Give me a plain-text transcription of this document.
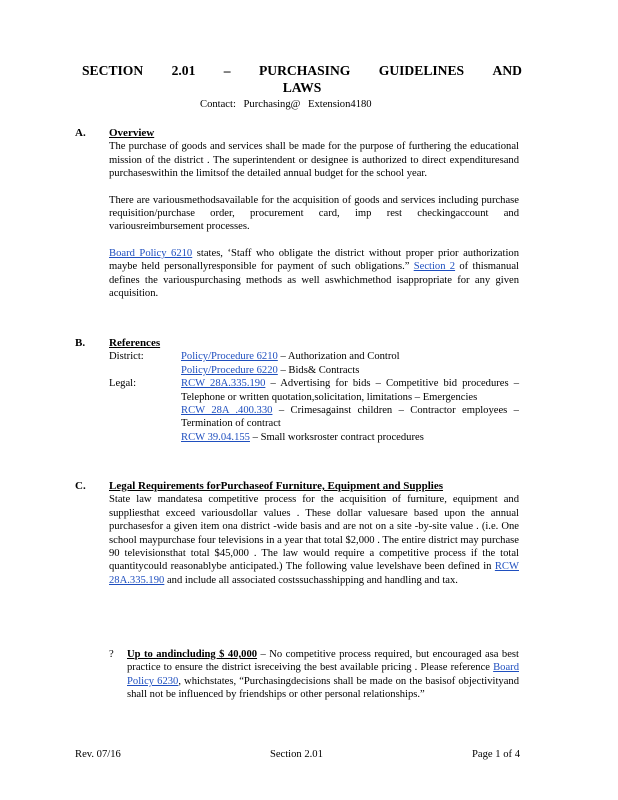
SECTION 2.01 – PURCHASING GUIDELINES AND
LAWS
Contact: Purchasing@ Extension4180
A. Overview

The purchase of goods and services shall be made for the purpose of furthering the educational mission of the district . The superintendent or designee is authorized to direct expendituresand purchaseswithin the limitsof the detailed annual budget for the school year.

There are variousmethodsavailable for the acquisition of goods and services including purchase requisition/purchase order, procurement card, imp rest checkingaccount and variousreimbursement processes.

Board Policy 6210 states, ‘Staff who obligate the district without proper prior authorization maybe held personallyresponsible for payment of such obligations.” Section 2 of thismanual defines the variouspurchasing methods as well aswhichmethod isappropriate for any given acquisition.

B. References
District:	Policy/Procedure 6210 – Authorization and Control
Policy/Procedure 6220 – Bids& Contracts
Legal:	RCW 28A.335.190 – Advertising for bids – Competitive bid procedures – Telephone or written quotation,solicitation, limitations – Emergencies

RCW 28A .400.330 – Crimesagainst children – Contractor employees – Termination of contract

RCW 39.04.155 – Small worksroster contract procedures

C. Legal Requirements forPurchaseof Furniture, Equipment and Supplies

State law mandatesa competitive process for the acquisition of furniture, equipment and suppliesthat exceed variousdollar values . These dollar valuesare based upon the annual purchasesfor a given item ona district -wide basis and are not on a site -by-site value . (i.e. One school maypurchase four televisions in a year that total $2,000 . The entire district may purchase 90 televisionsthat total $45,000 . The law would require a competitive process if the total quantitycould reasonablybe anticipated.) The following value levelshave been defined in RCW 28A.335.190 and include all associated costssuchasshipping and handling and tax.

? Up to andincluding $ 40,000 – No competitive process required, but encouraged asa best practice to ensure the district isreceiving the best available pricing . Please reference Board Policy 6230, whichstates, “Purchasingdecisions shall be made on the basisof objectivityand shall not be influenced by friendships or other personal relationships.”

Rev. 07/16	Section 2.01	Page 1 of 4
